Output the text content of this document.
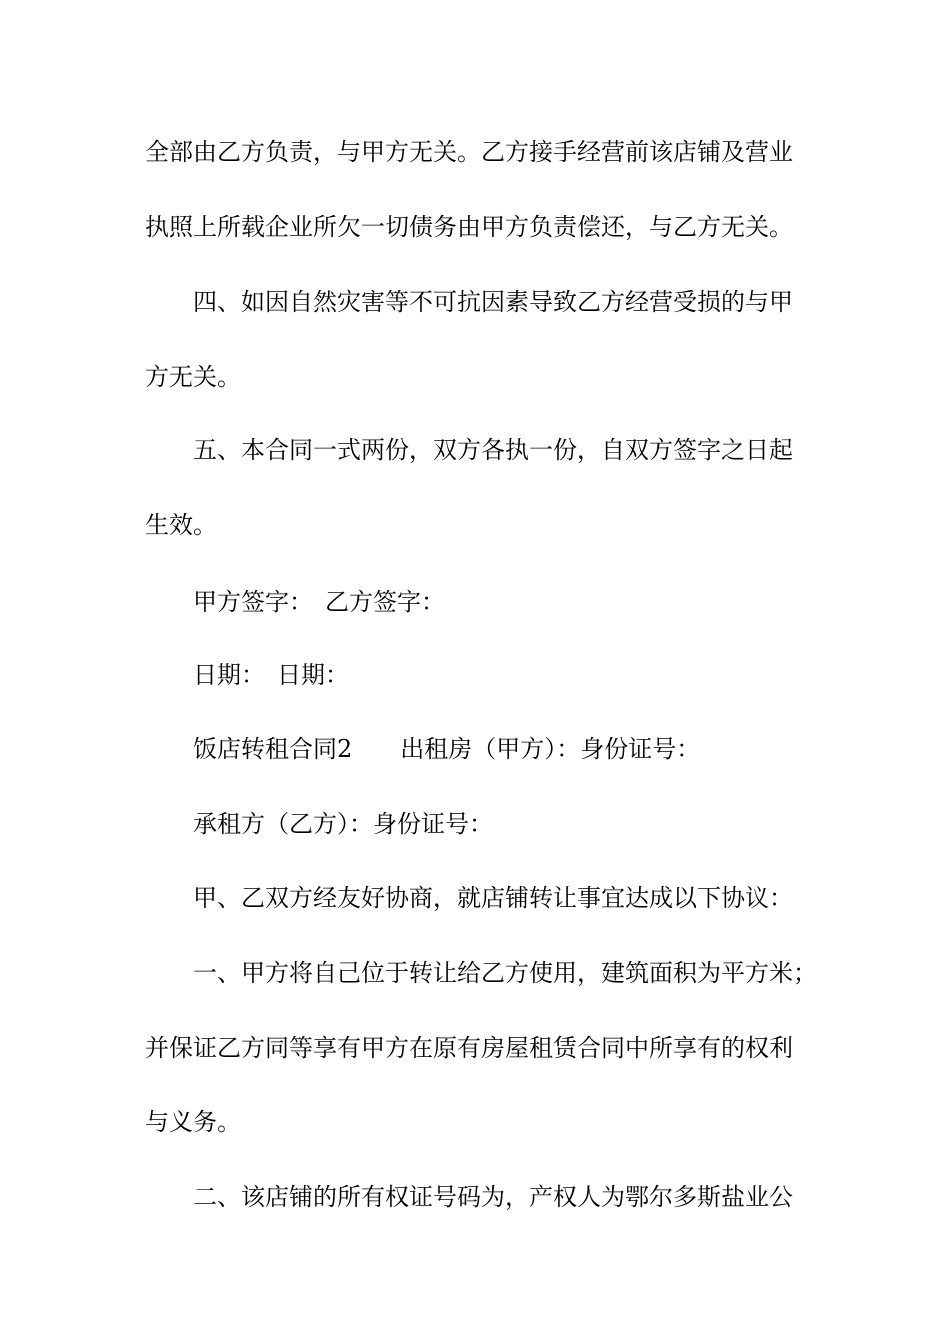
全部由乙方负责，与甲方无关。乙方接手经营前该店铺及营业
执照上所载企业所欠一切债务由甲方负责偿还，与乙方无关。
四、如因自然灾害等不可抗因素导致乙方经营受损的与甲
方无关。
五、本合同一式两份，双方各执一份，自双方签字之日起
生效。
甲方签字：　乙方签字：
日期：　日期：
饭店转租合同2　　出租房（甲方）：身份证号：
承租方（乙方）：身份证号：
甲、乙双方经友好协商，就店铺转让事宜达成以下协议：
一、甲方将自己位于转让给乙方使用，建筑面积为平方米；
并保证乙方同等享有甲方在原有房屋租赁合同中所享有的权利
与义务。
二、该店铺的所有权证号码为，产权人为鄂尔多斯盐业公
